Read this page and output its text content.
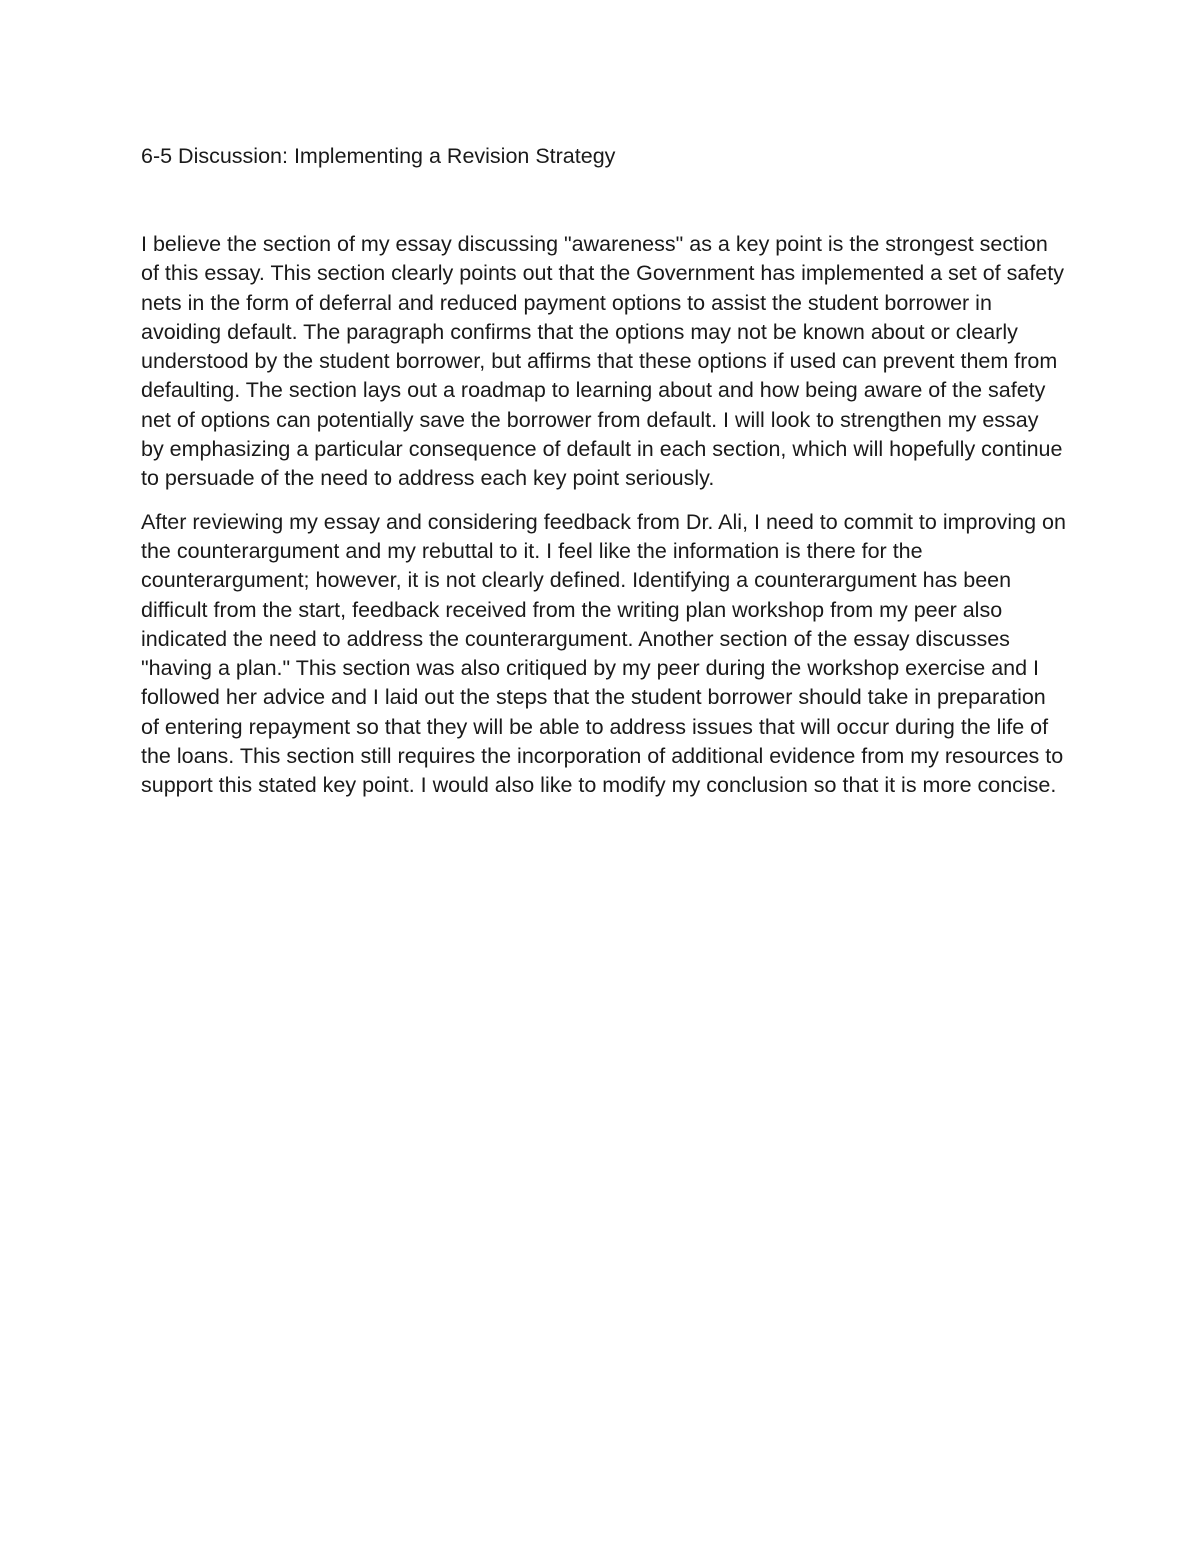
6-5 Discussion: Implementing a Revision Strategy

I believe the section of my essay discussing "awareness" as a key point is the strongest section of this essay. This section clearly points out that the Government has implemented a set of safety nets in the form of deferral and reduced payment options to assist the student borrower in avoiding default. The paragraph confirms that the options may not be known about or clearly understood by the student borrower, but affirms that these options if used can prevent them from defaulting. The section lays out a roadmap to learning about and how being aware of the safety net of options can potentially save the borrower from default. I will look to strengthen my essay by emphasizing a particular consequence of default in each section, which will hopefully continue to persuade of the need to address each key point seriously.

After reviewing my essay and considering feedback from Dr. Ali, I need to commit to improving on the counterargument and my rebuttal to it. I feel like the information is there for the counterargument; however, it is not clearly defined. Identifying a counterargument has been difficult from the start, feedback received from the writing plan workshop from my peer also indicated the need to address the counterargument. Another section of the essay discusses "having a plan." This section was also critiqued by my peer during the workshop exercise and I followed her advice and I laid out the steps that the student borrower should take in preparation of entering repayment so that they will be able to address issues that will occur during the life of the loans. This section still requires the incorporation of additional evidence from my resources to support this stated key point. I would also like to modify my conclusion so that it is more concise.
